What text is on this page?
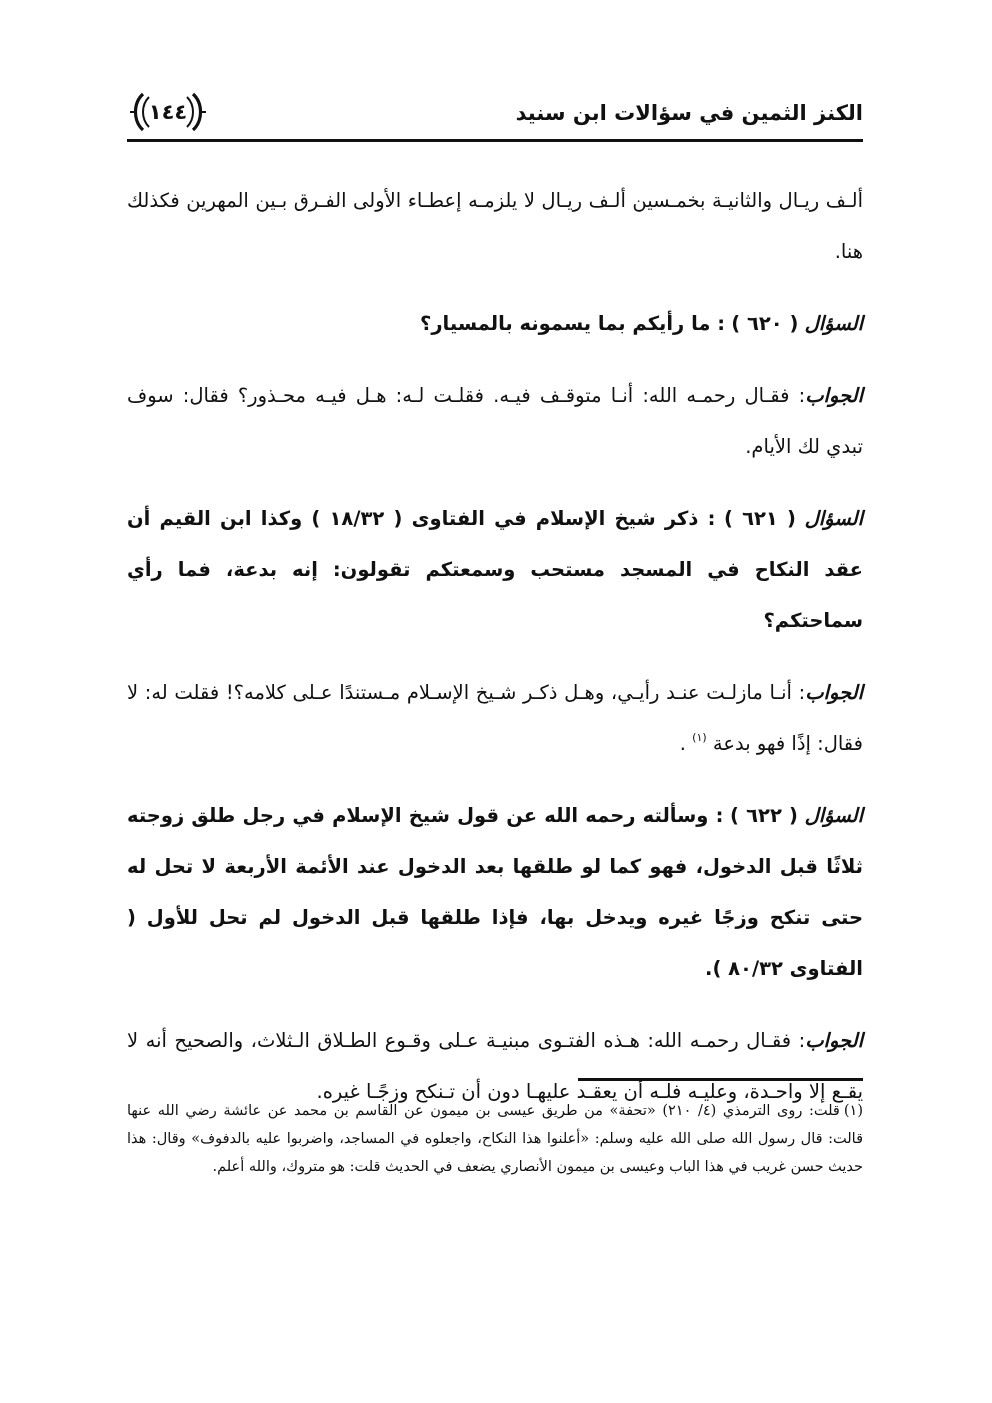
١٤٤	الكنز الثمين في سؤالات ابن سنيد

ألـف ريـال والثانيـة بخمـسين ألـف ريـال لا يلزمـه إعطـاء الأولى الفـرق بـين المهرين فكذلك هنا.

السؤال ( ٦٢٠ ) : ما رأيكم بما يسمونه بالمسيار؟

الجواب: فقـال رحمـه الله: أنـا متوقـف فيـه. فقلـت لـه: هـل فيـه محـذور؟ فقال: سوف تبدي لك الأيام.

السؤال ( ٦٢١ ) : ذكر شيخ الإسلام في الفتاوى ( ١٨/٣٢ ) وكذا ابن القيم أن عقد النكاح في المسجد مستحب وسمعتكم تقولون: إنه بدعة، فما رأي سماحتكم؟

الجواب: أنـا مازلـت عنـد رأيـي، وهـل ذكـر شـيخ الإسـلام مـستندًا عـلى كلامه؟! فقلت له: لا فقال: إذًا فهو بدعة $^{(١)}$ .

السؤال ( ٦٢٢ ) : وسألته رحمه الله عن قول شيخ الإسلام في رجل طلق زوجته ثلاثًا قبل الدخول، فهو كما لو طلقها بعد الدخول عند الأئمة الأربعة لا تحل له حتى تنكح وزجًا غيره ويدخل بها، فإذا طلقها قبل الدخول لم تحل للأول ( الفتاوى ٨٠/٣٢ ).

الجواب: فقـال رحمـه الله: هـذه الفتـوى مبنيـة عـلى وقـوع الطـلاق الـثلاث، والصحيح أنه لا يقـع إلا واحـدة، وعليـه فلـه أن يعقـد عليهـا دون أن تـنكح وزجًـا غيره.

(١)قلت: روى الترمذي (٤/ ٢١٠) «تحفة» من طريق عيسى بن ميمون عن القاسم بن محمد عن عائشة رضي الله عنها قالت: قال رسول الله صلى الله عليه وسلم: «أعلنوا هذا النكاح، واجعلوه في المساجد، واضربوا عليه بالدفوف» وقال: هذا حديث حسن غريب في هذا الباب وعيسى بن ميمون الأنصاري يضعف في الحديث قلت: هو متروك، والله أعلم.
